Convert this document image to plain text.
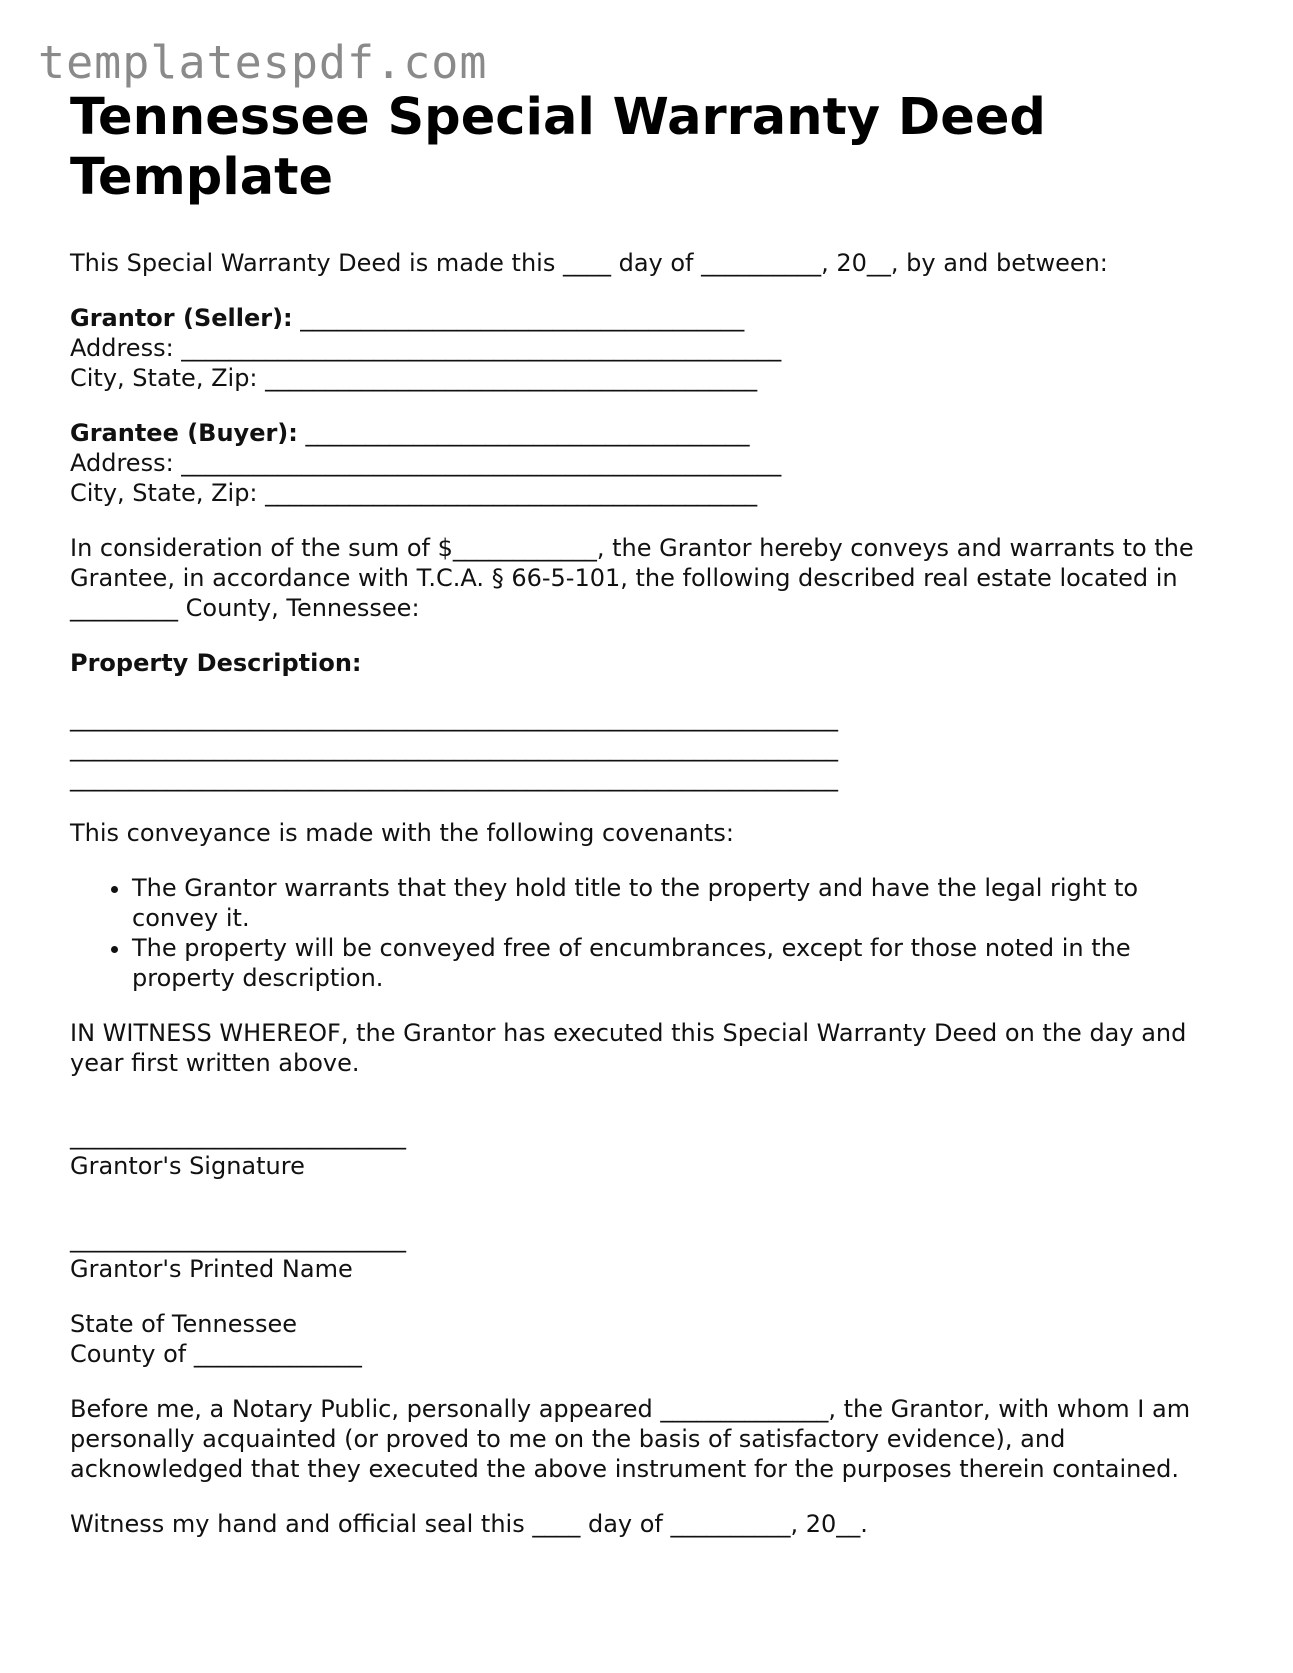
templatespdf.com
Tennessee Special Warranty Deed Template

This Special Warranty Deed is made this ____ day of __________, 20__, by and between:

Grantor (Seller): _____________________________________

Address: __________________________________________________

City, State, Zip: _________________________________________

Grantee (Buyer): _____________________________________

Address: __________________________________________________

City, State, Zip: _________________________________________

In consideration of the sum of $____________, the Grantor hereby conveys and warrants to the Grantee, in accordance with T.C.A. § 66-5-101, the following described real estate located in _________ County, Tennessee:

Property Description:

________________________________________________________________

________________________________________________________________

________________________________________________________________

This conveyance is made with the following covenants:

• The Grantor warrants that they hold title to the property and have the legal right to convey it.
• The property will be conveyed free of encumbrances, except for those noted in the property description.

IN WITNESS WHEREOF, the Grantor has executed this Special Warranty Deed on the day and year first written above.

____________________________

Grantor's Signature

____________________________

Grantor's Printed Name

State of Tennessee

County of ______________

Before me, a Notary Public, personally appeared ______________, the Grantor, with whom I am personally acquainted (or proved to me on the basis of satisfactory evidence), and acknowledged that they executed the above instrument for the purposes therein contained.

Witness my hand and official seal this ____ day of __________, 20__.
